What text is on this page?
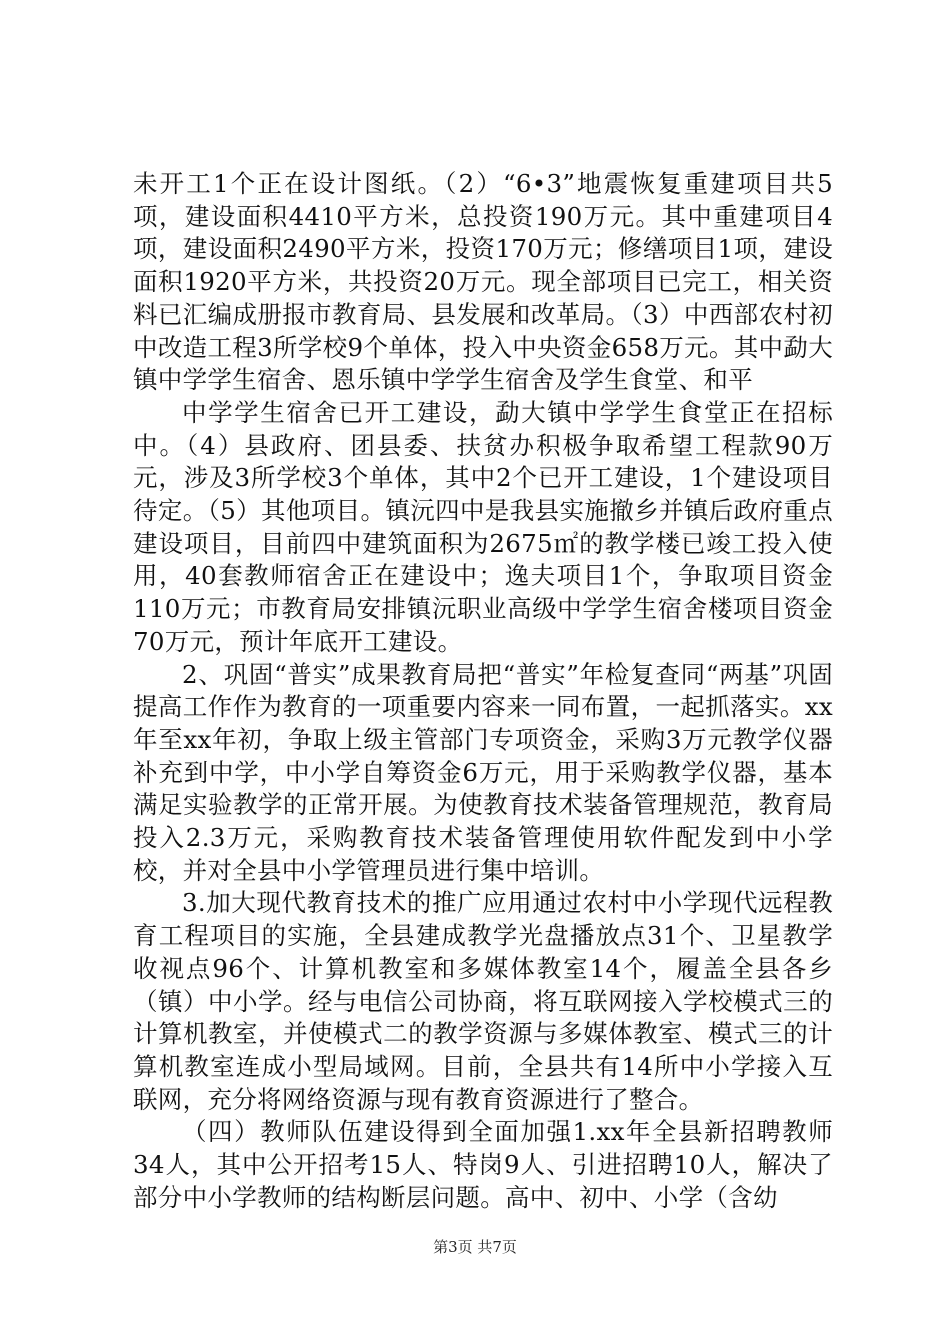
未开工1个正在设计图纸。（2）“6•3”地震恢复重建项目共5项，建设面积4410平方米，总投资190万元。其中重建项目4项，建设面积2490平方米，投资170万元；修缮项目1项，建设面积1920平方米，共投资20万元。现全部项目已完工，相关资料已汇编成册报市教育局、县发展和改革局。（3）中西部农村初中改造工程3所学校9个单体，投入中央资金658万元。其中勐大镇中学学生宿舍、恩乐镇中学学生宿舍及学生食堂、和平

中学学生宿舍已开工建设，勐大镇中学学生食堂正在招标中。（4）县政府、团县委、扶贫办积极争取希望工程款90万元，涉及3所学校3个单体，其中2个已开工建设，1个建设项目待定。（5）其他项目。镇沅四中是我县实施撤乡并镇后政府重点建设项目，目前四中建筑面积为2675㎡的教学楼已竣工投入使用，40套教师宿舍正在建设中；逸夫项目1个，争取项目资金110万元；市教育局安排镇沅职业高级中学学生宿舍楼项目资金70万元，预计年底开工建设。

2、巩固“普实”成果教育局把“普实”年检复查同“两基”巩固提高工作作为教育的一项重要内容来一同布置，一起抓落实。xx年至xx年初，争取上级主管部门专项资金，采购3万元教学仪器补充到中学，中小学自筹资金6万元，用于采购教学仪器，基本满足实验教学的正常开展。为使教育技术装备管理规范，教育局投入2.3万元，采购教育技术装备管理使用软件配发到中小学校，并对全县中小学管理员进行集中培训。

3.加大现代教育技术的推广应用通过农村中小学现代远程教育工程项目的实施，全县建成教学光盘播放点31个、卫星教学收视点96个、计算机教室和多媒体教室14个，履盖全县各乡（镇）中小学。经与电信公司协商，将互联网接入学校模式三的计算机教室，并使模式二的教学资源与多媒体教室、模式三的计算机教室连成小型局域网。目前，全县共有14所中小学接入互联网，充分将网络资源与现有教育资源进行了整合。

（四）教师队伍建设得到全面加强1.xx年全县新招聘教师34人，其中公开招考15人、特岗9人、引进招聘10人，解决了部分中小学教师的结构断层问题。高中、初中、小学（含幼

第3页 共7页
